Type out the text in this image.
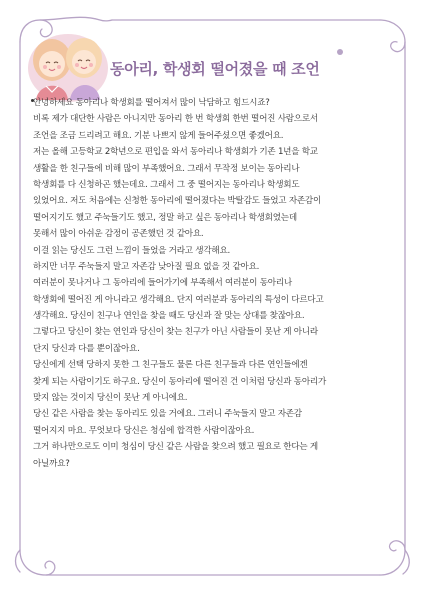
동아리, 학생회 떨어졌을 때 조언
안녕하세요 동아리나 학생회를 떨어져서 많이 낙담하고 힘드시죠?
비록 제가 대단한 사람은 아니지만 동아리 한 번 학생회 한번 떨어진 사람으로서
조언을 조금 드리려고 해요. 기분 나쁘지 않게 들어주셨으면 좋겠어요.
저는 올해 고등학교 2학년으로 편입을 와서 동아리나 학생회가 기존 1년을 학교
생활을 한 친구들에 비해 많이 부족했어요. 그래서 무작정 보이는 동아리나
학생회를 다 신청하곤 했는데요. 그래서 그 중 떨어지는 동아리나 학생회도
있었어요. 저도 처음에는 신청한 동아리에 떨어졌다는 박탈감도 들었고 자존감이
떨어지기도 했고 주눅들기도 했고, 정말 하고 싶은 동아리나 학생회였는데
못해서 많이 아쉬운 감정이 공존했던 것 같아요.
이걸 읽는 당신도 그런 느낌이 들었을 거라고 생각해요.
하지만 너무 주눅들지 말고 자존감 낮아질 필요 없을 것 같아요.
여러분이 못나거나 그 동아리에 들어가기에 부족해서 여러분이 동아리나
학생회에 떨어진 게 아니라고 생각해요. 단지 여러분과 동아리의 특성이 다르다고
생각해요. 당신이 친구나 연인을 찾을 때도 당신과 잘 맞는 상대를 찾잖아요.
그렇다고 당신이 찾는 연인과 당신이 찾는 친구가 아닌 사람들이 못난 게 아니라
단지 당신과 다를 뿐이잖아요.
당신에게 선택 당하지 못한 그 친구들도 물론 다른 친구들과 다른 연인들에겐
찾게 되는 사람이기도 하구요. 당신이 동아리에 떨어진 건 이처럼 당신과 동아리가
맞지 않는 것이지 당신이 못난 게 아니에요.
당신 같은 사람을 찾는 동아리도 있을 거에요. 그러니 주눅들지 말고 자존감
떨어지지 마요. 무엇보다 당신은 청심에 합격한 사람이잖아요.
그거 하나만으로도 이미 청심이 당신 같은 사람을 찾으려 했고 필요로 한다는 게
아닐까요?
